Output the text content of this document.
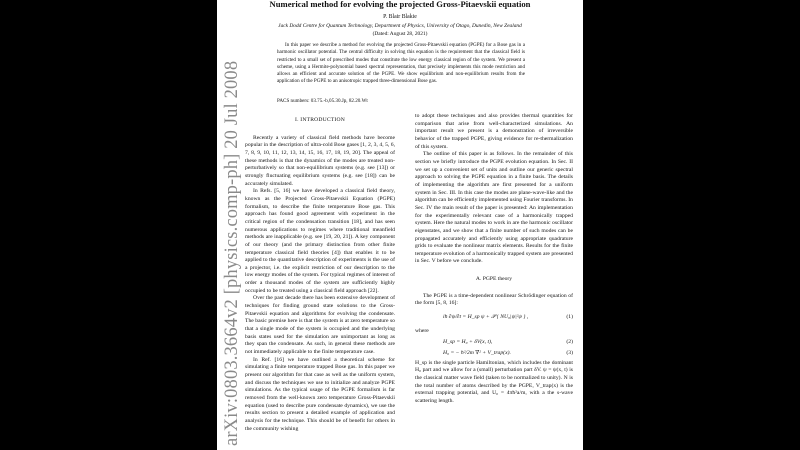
Numerical method for evolving the projected Gross-Pitaevskii equation
P. Blair Blakie
Jack Dodd Centre for Quantum Technology, Department of Physics, University of Otago, Dunedin, New Zealand
(Dated: August 28, 2021)
In this paper we describe a method for evolving the projected Gross-Pitaevskii equation (PGPE) for a Bose gas in a harmonic oscillator potential. The central difficulty in solving this equation is the requirement that the classical field is restricted to a small set of prescribed modes that constitute the low energy classical region of the system. We present a scheme, using a Hermite-polynomial based spectral representation, that precisely implements this mode restriction and allows an efficient and accurate solution of the PGPE. We show equilibrium and non-equilibrium results from the application of the PGPE to an anisotropic trapped three-dimensional Bose gas.
PACS numbers: 03.75.-b,05.30.Jp, 82.20.Wt
I. INTRODUCTION

Recently a variety of classical field methods have become popular in the description of ultra-cold Bose gases [1, 2, 3, 4, 5, 6, 7, 8, 9, 10, 11, 12, 13, 14, 15, 16, 17, 18, 19, 20]. The appeal of these methods is that the dynamics of the modes are treated non-perturbatively so that non-equilibrium systems (e.g. see [13]) or strongly fluctuating equilibrium systems (e.g. see [18]) can be accurately simulated.

In Refs. [5, 16] we have developed a classical field theory, known as the Projected Gross-Pitaevskii Equation (PGPE) formalism, to describe the finite temperature Bose gas. This approach has found good agreement with experiment in the critical region of the condensation transition [18], and has seen numerous applications to regimes where traditional meanfield methods are inapplicable (e.g. see [19, 20, 21]). A key component of our theory (and the primary distinction from other finite temperature classical field theories [4]) that enables it to be applied to the quantitative description of experiments is the use of a projector, i.e. the explicit restriction of our description to the low energy modes of the system. For typical regimes of interest of order a thousand modes of the system are sufficiently highly occupied to be treated using a classical field approach [22].

Over the past decade there has been extensive development of techniques for finding ground state solutions to the Gross-Pitaevskii equation and algorithms for evolving the condensate. The basic premise here is that the system is at zero temperature so that a single mode of the system is occupied and the underlying basis states used for the simulation are unimportant as long as they span the condensate. As such, in general these methods are not immediately applicable to the finite temperature case.

In Ref. [16] we have outlined a theoretical scheme for simulating a finite temperature trapped Bose gas. In this paper we present our algorithm for that case as well as the uniform system, and discuss the techniques we use to initialize and analyze PGPE simulations. As the typical usage of the PGPE formalism is far removed from the well-known zero temperature Gross-Pitaevskii equation (used to describe pure condensate dynamics), we use the results section to present a detailed example of application and analysis for the technique. This should be of benefit for others in the community wishing

to adopt these techniques and also provides thermal quantities for comparison that arise from well-characterized simulations. An important result we present is a demonstration of irreversible behavior of the trapped PGPE, giving evidence for re-thermalization of this system.

The outline of this paper is as follows. In the remainder of this section we briefly introduce the PGPE evolution equation. In Sec. II we set up a convenient set of units and outline our generic spectral approach to solving the PGPE equation in a finite basis. The details of implementing the algorithm are first presented for a uniform system in Sec. III. In this case the modes are plane-wave-like and the algorithm can be efficiently implemented using Fourier transforms. In Sec. IV the main result of the paper is presented: An implementation for the experimentally relevant case of a harmonically trapped system. Here the natural modes to work in are the harmonic oscillator eigenstates, and we show that a finite number of such modes can be propagated accurately and efficiently using appropriate quadrature grids to evaluate the nonlinear matrix elements. Results for the finite temperature evolution of a harmonically trapped system are presented in Sec. V before we conclude.

A. PGPE theory

The PGPE is a time-dependent nonlinear Schrödinger equation of the form [5, 8, 16]:

iħ ∂ψ/∂t = H_sp ψ + 𝒫 { NU₀|ψ|²ψ } ,	(1)

where

H_sp = H₀ + δV(x, t),	(2)
H₀ = − ħ²/2m ∇² + V_trap(x).	(3)

H_sp is the single particle Hamiltonian, which includes the dominant H₀ part and we allow for a (small) perturbation part δV. ψ = ψ(x, t) is the classical matter wave field (taken to be normalized to unity). N is the total number of atoms described by the PGPE, V_trap(x) is the external trapping potential, and U₀ = 4πħ²a/m, with a the s-wave scattering length.

arXiv:0803.3664v2 [physics.comp-ph] 20 Jul 2008
